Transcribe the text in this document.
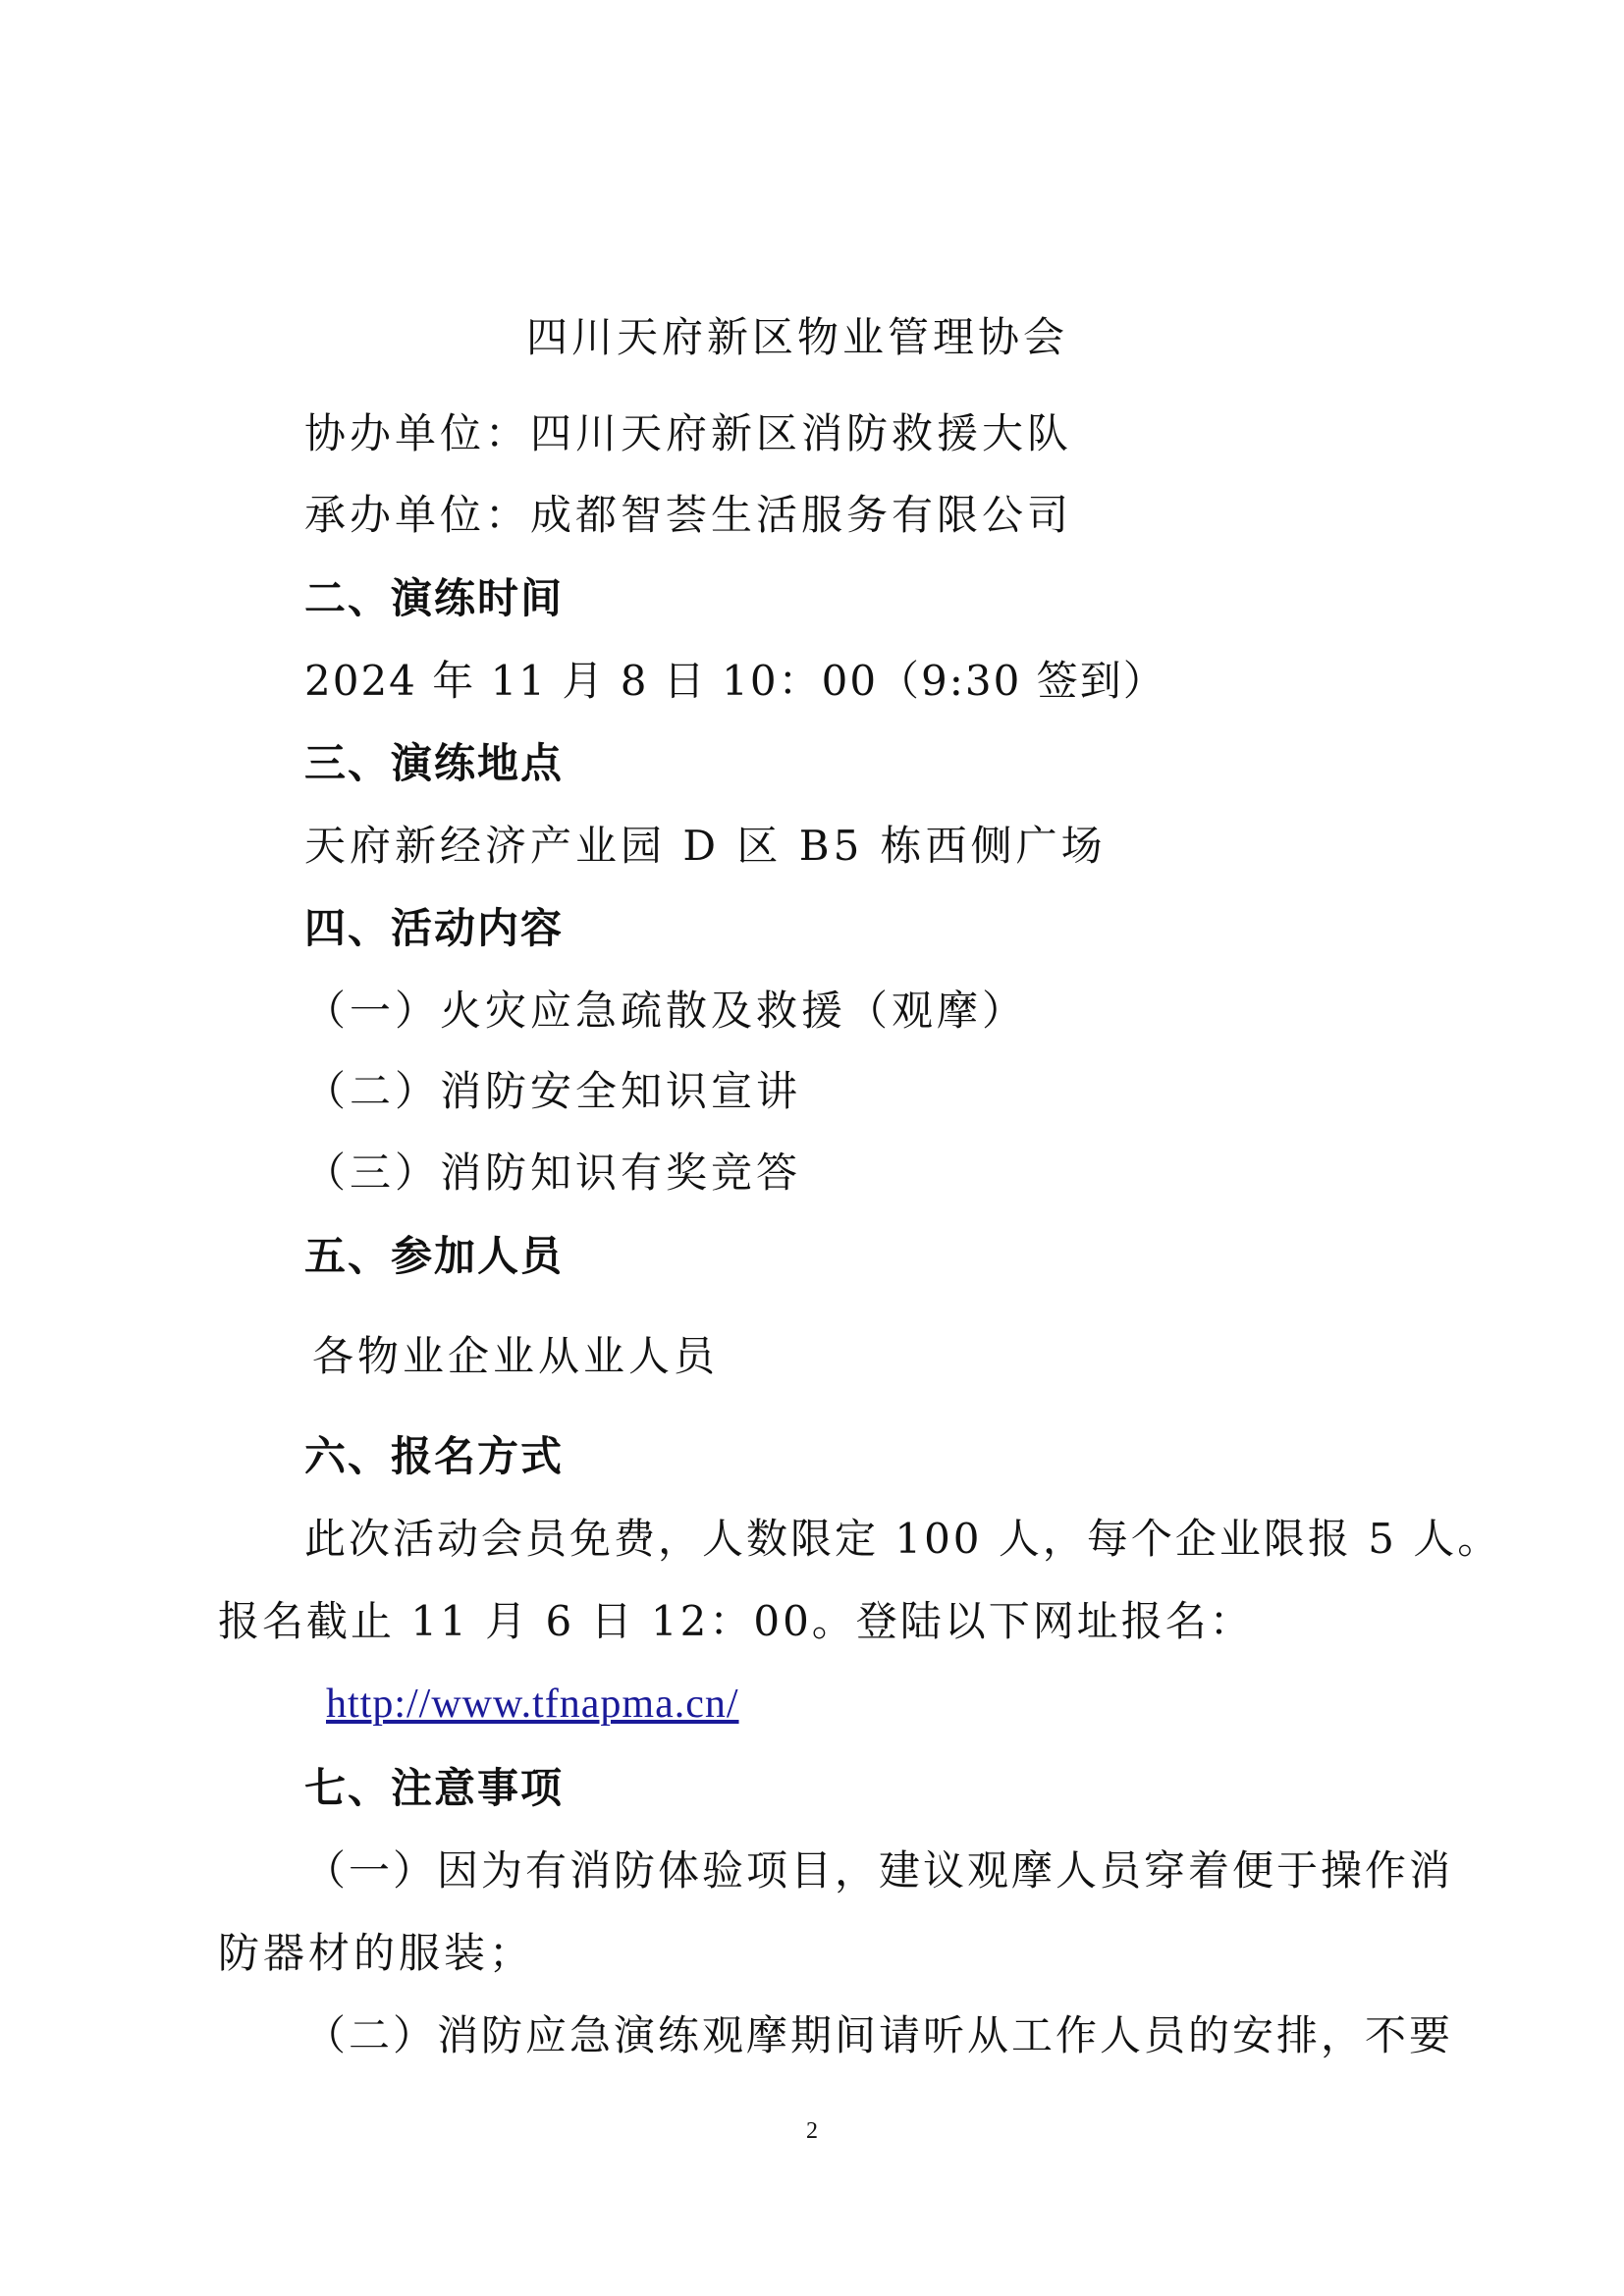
四川天府新区物业管理协会
协办单位：四川天府新区消防救援大队
承办单位：成都智荟生活服务有限公司
二、演练时间
2024 年 11 月 8 日 10：00（9:30 签到）
三、演练地点
天府新经济产业园 D 区 B5 栋西侧广场
四、活动内容
（一）火灾应急疏散及救援（观摩）
（二）消防安全知识宣讲
（三）消防知识有奖竞答
五、参加人员
各物业企业从业人员
六、报名方式
此次活动会员免费，人数限定 100 人，每个企业限报 5 人。
报名截止 11 月 6 日 12：00。登陆以下网址报名：
http://www.tfnapma.cn/
七、注意事项
（一）因为有消防体验项目，建议观摩人员穿着便于操作消
防器材的服装；
（二）消防应急演练观摩期间请听从工作人员的安排，不要
2
